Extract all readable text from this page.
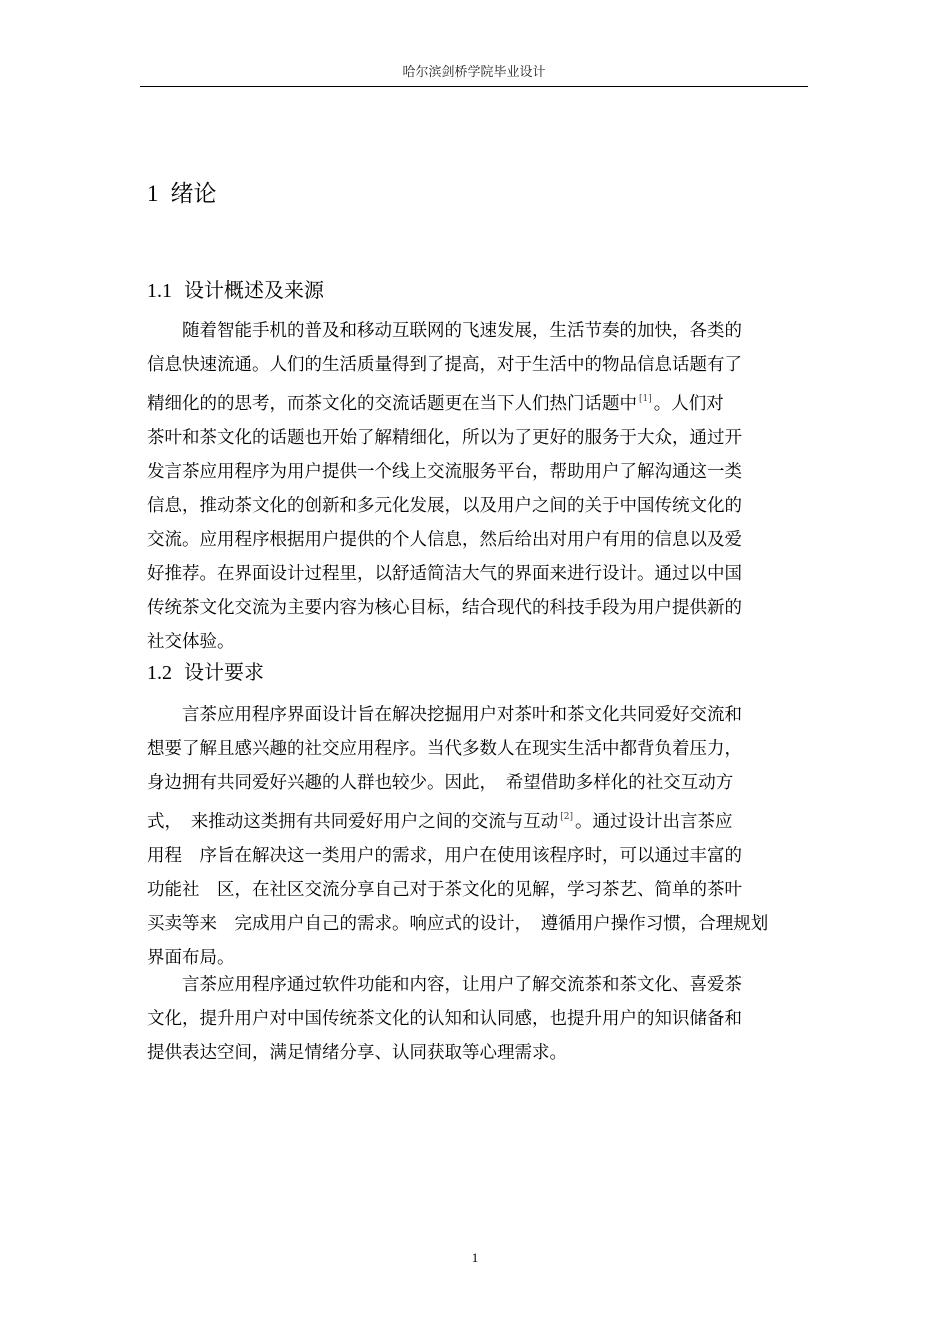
哈尔滨剑桥学院毕业设计
1 绪论
1.1 设计概述及来源
　　随着智能手机的普及和移动互联网的飞速发展，生活节奏的加快，各类的
信息快速流通。人们的生活质量得到了提高，对于生活中的物品信息话题有了
精细化的的思考，而茶文化的交流话题更在当下人们热门话题中 [1] 。人们对
茶叶和茶文化的话题也开始了解精细化，所以为了更好的服务于大众，通过开
发言茶应用程序为用户提供一个线上交流服务平台，帮助用户了解沟通这一类
信息，推动茶文化的创新和多元化发展，以及用户之间的关于中国传统文化的
交流。应用程序根据用户提供的个人信息，然后给出对用户有用的信息以及爱
好推荐。在界面设计过程里，以舒适简洁大气的界面来进行设计。通过以中国
传统茶文化交流为主要内容为核心目标，结合现代的科技手段为用户提供新的
社交体验。
1.2 设计要求
　　言茶应用程序界面设计旨在解决挖掘用户对茶叶和茶文化共同爱好交流和
想要了解且感兴趣的社交应用程序。当代多数人在现实生活中都背负着压力，
身边拥有共同爱好兴趣的人群也较少。因此，　希望借助多样化的社交互动方
式，　来推动这类拥有共同爱好用户之间的交流与互动 [2] 。通过设计出言茶应
用程　序旨在解决这一类用户的需求，用户在使用该程序时，可以通过丰富的
功能社　区，在社区交流分享自己对于茶文化的见解，学习茶艺、简单的茶叶
买卖等来　完成用户自己的需求。响应式的设计，　遵循用户操作习惯，合理规划
界面布局。
　　言茶应用程序通过软件功能和内容，让用户了解交流茶和茶文化、喜爱茶
文化，提升用户对中国传统茶文化的认知和认同感，也提升用户的知识储备和
提供表达空间，满足情绪分享、认同获取等心理需求。
1
